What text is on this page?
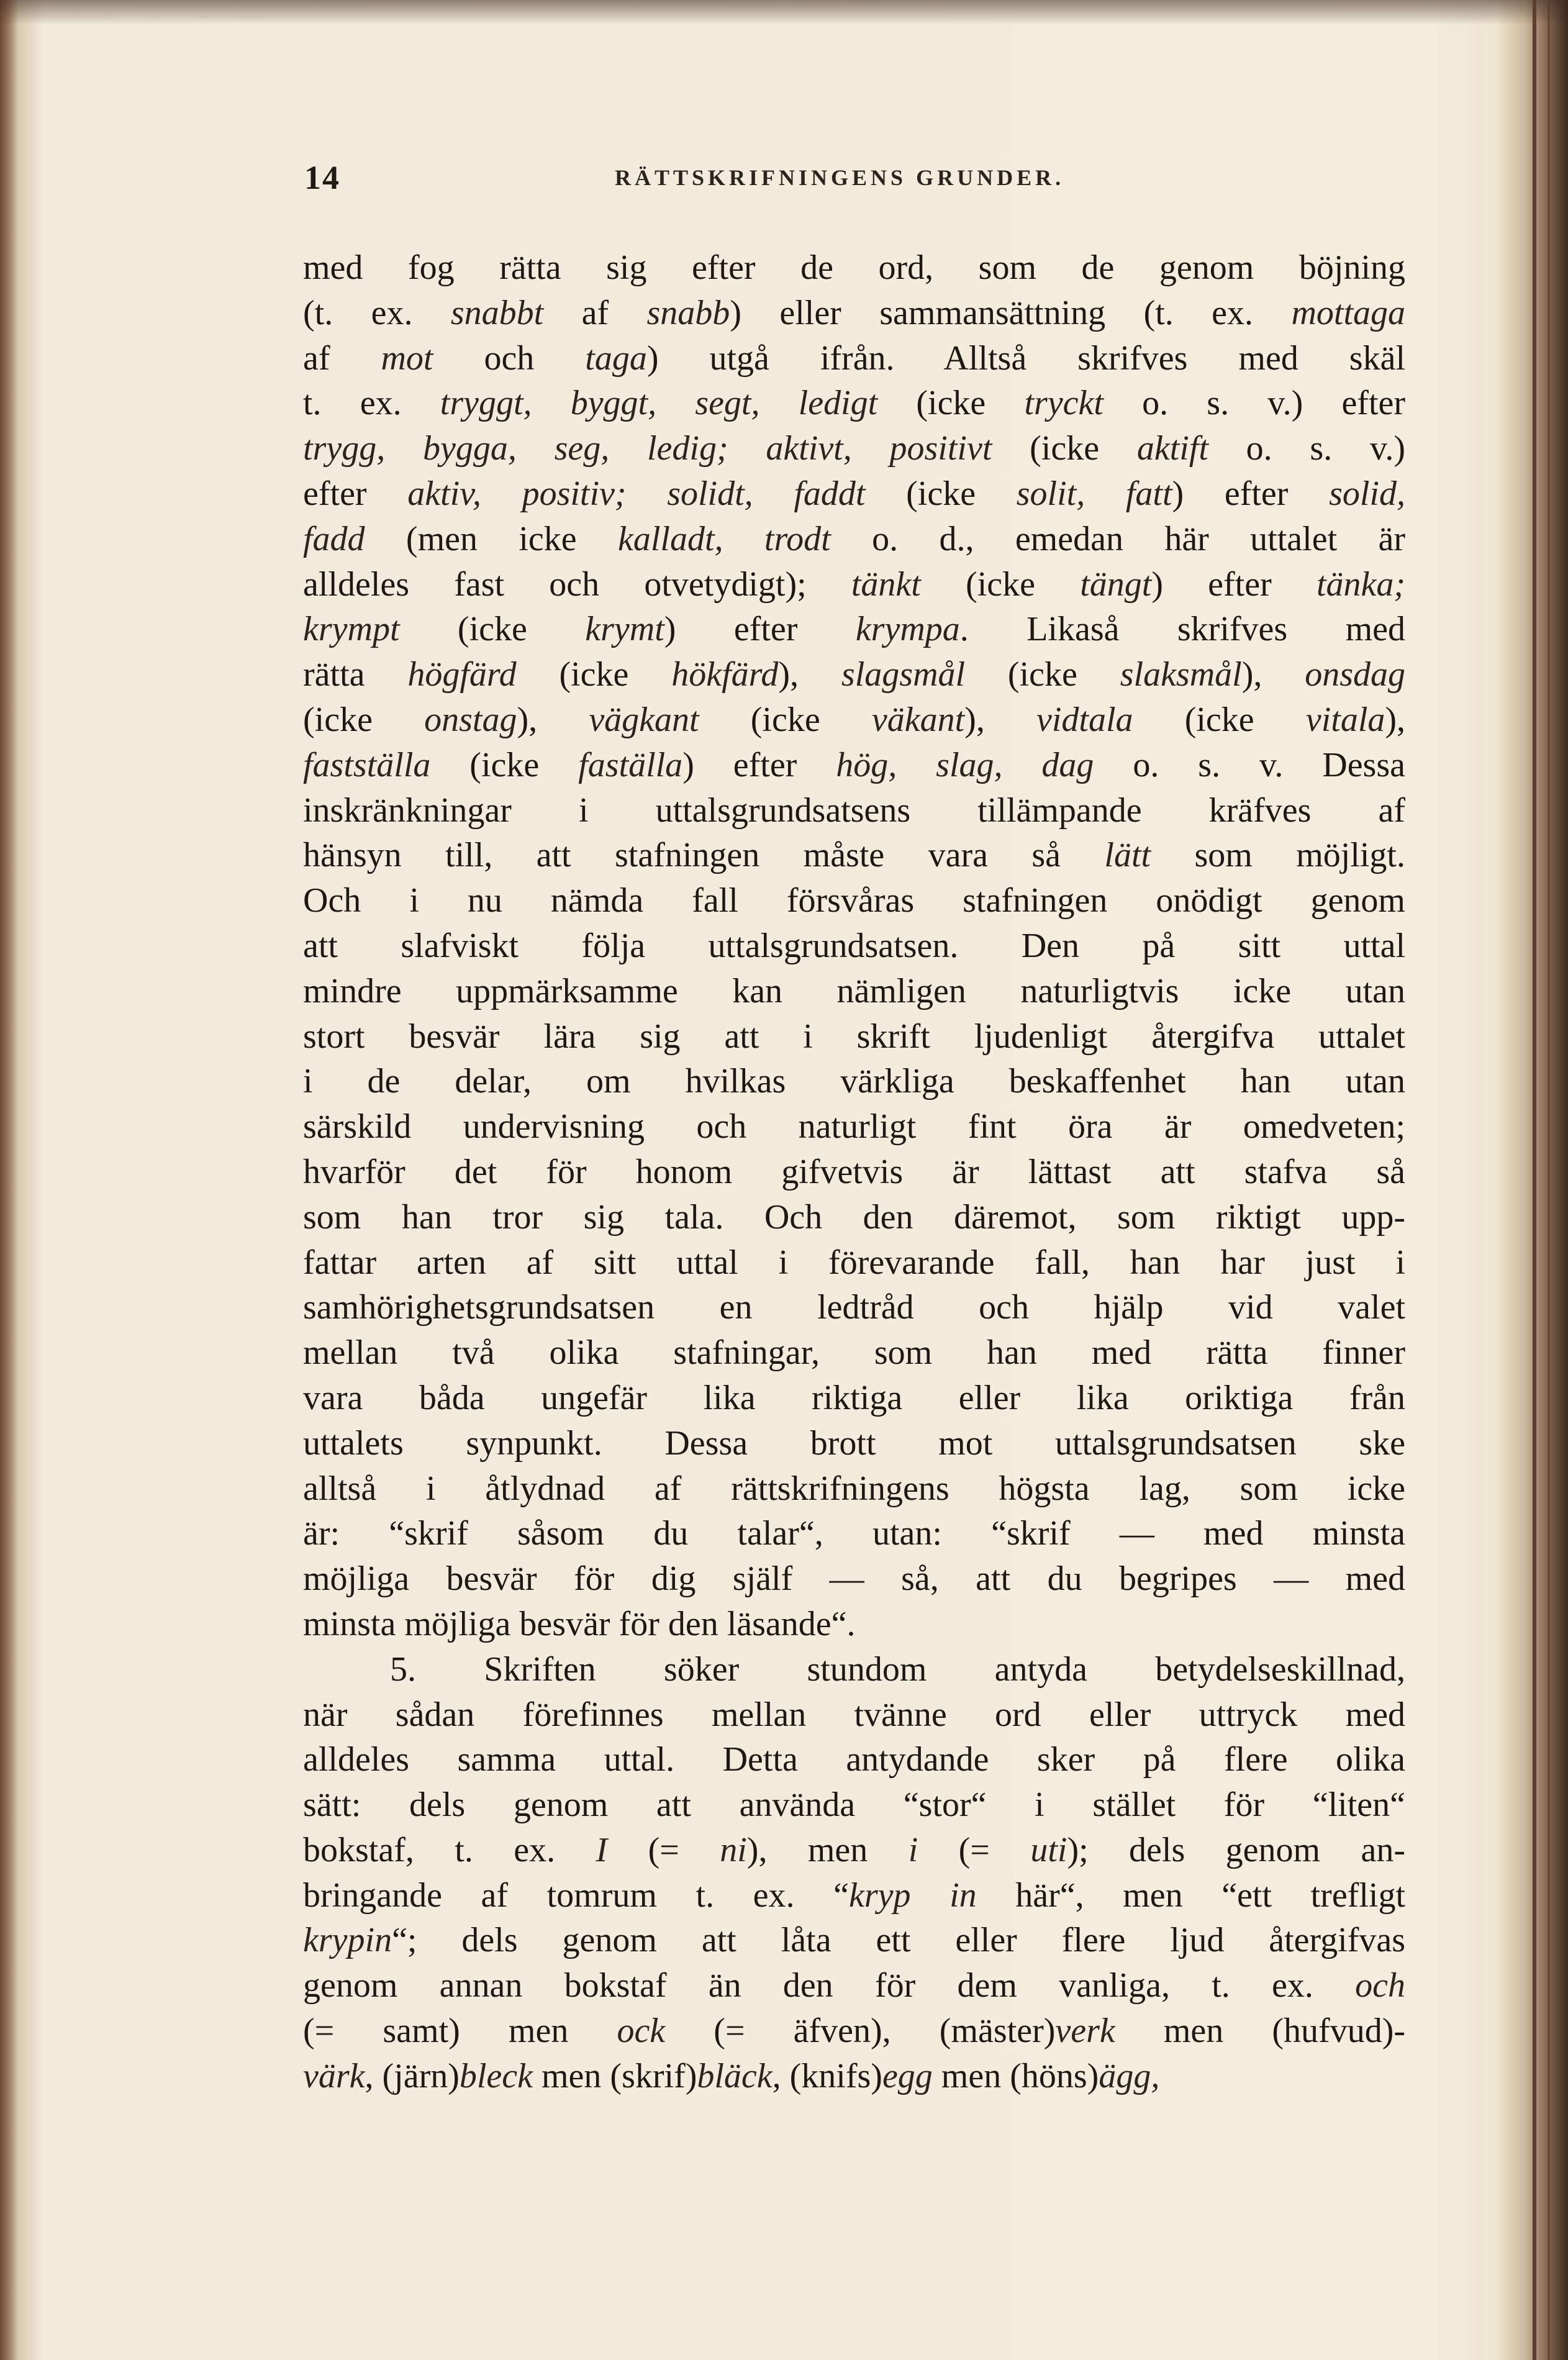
14	RÄTTSKRIFNINGENS GRUNDER.
med fog rätta sig efter de ord, som de genom böjning
(t. ex. snabbt af snabb) eller sammansättning (t. ex. mottaga
af mot och taga) utgå ifrån. Alltså skrifves med skäl
t. ex. tryggt, byggt, segt, ledigt (icke tryckt o. s. v.) efter
trygg, bygga, seg, ledig; aktivt, positivt (icke aktift o. s. v.)
efter aktiv, positiv; solidt, faddt (icke solit, fatt) efter solid,
fadd (men icke kalladt, trodt o. d., emedan här uttalet är
alldeles fast och otvetydigt); tänkt (icke tängt) efter tänka;
krympt (icke krymt) efter krympa. Likaså skrifves med
rätta högfärd (icke hökfärd), slagsmål (icke slaksmål), onsdag
(icke onstag), vägkant (icke väkant), vidtala (icke vitala),
fastställa (icke faställa) efter hög, slag, dag o. s. v. Dessa
inskränkningar i uttalsgrundsatsens tillämpande kräfves af
hänsyn till, att stafningen måste vara så lätt som möjligt.
Och i nu nämda fall försvåras stafningen onödigt genom
att slafviskt följa uttalsgrundsatsen. Den på sitt uttal
mindre uppmärksamme kan nämligen naturligtvis icke utan
stort besvär lära sig att i skrift ljudenligt återgifva uttalet
i de delar, om hvilkas värkliga beskaffenhet han utan
särskild undervisning och naturligt fint öra är omedveten;
hvarför det för honom gifvetvis är lättast att stafva så
som han tror sig tala. Och den däremot, som riktigt upp-
fattar arten af sitt uttal i förevarande fall, han har just i
samhörighetsgrundsatsen en ledtråd och hjälp vid valet
mellan två olika stafningar, som han med rätta finner
vara båda ungefär lika riktiga eller lika oriktiga från
uttalets synpunkt. Dessa brott mot uttalsgrundsatsen ske
alltså i åtlydnad af rättskrifningens högsta lag, som icke
är: “skrif såsom du talar“, utan: “skrif — med minsta
möjliga besvär för dig själf — så, att du begripes — med
minsta möjliga besvär för den läsande“.
5. Skriften söker stundom antyda betydelseskillnad,
när sådan förefinnes mellan tvänne ord eller uttryck med
alldeles samma uttal. Detta antydande sker på flere olika
sätt: dels genom att använda “stor“ i stället för “liten“
bokstaf, t. ex. I (= ni), men i (= uti); dels genom an-
bringande af tomrum t. ex. “kryp in här“, men “ett trefligt
krypin“; dels genom att låta ett eller flere ljud återgifvas
genom annan bokstaf än den för dem vanliga, t. ex. och
(= samt) men ock (= äfven), (mäster)verk men (hufvud)-
värk, (järn)bleck men (skrif)bläck, (knifs)egg men (höns)ägg,
